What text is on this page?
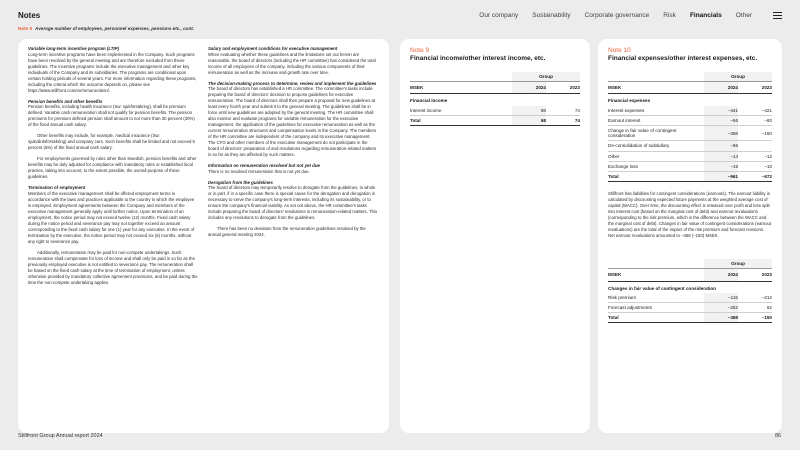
Notes	Our company Sustainability Corporate governance Risk Financials Other
Note 8 Average number of employees, personnel expenses, pensions etc., cont.
Variable long-term incentive program (LTIP)

Long-term incentive programs have been implemented in the Company. Such programs have been resolved by the general meeting and are therefore excluded from these guidelines. The incentive programs include the executive management and other key individuals of the Company and its subsidiaries. The programs are conditional upon certain holding periods of several years. For more information regarding these programs, including the criteria which the outcome depends on, please see https://www.stillfront.com/en/remuneration/.

Pension benefits and other benefits

Pension benefits, including health insurance (Sw: sjukförsäkring), shall be premium defined. Variable cash remuneration shall not qualify for pension benefits. The pension premiums for premium defined pension shall amount to not more than 30 percent (30%) of the fixed annual cash salary.

Other benefits may include, for example, medical insurance (Sw: sjukvårdsförsäkring) and company cars. Such benefits shall be limited and not exceed 5 percent (5%) of the fixed annual cash salary.

For employments governed by rules other than Swedish, pension benefits and other benefits may be duly adjusted for compliance with mandatory rules or established local practice, taking into account, to the extent possible, the overall purpose of these guidelines.

Termination of employment

Members of the executive management shall be offered employment terms in accordance with the laws and practices applicable to the country in which the employee is employed. Employment agreements between the Company and members of the executive management generally apply until further notice. Upon termination of an employment, the notice period may not exceed twelve (12) months. Fixed cash salary during the notice period and severance pay may not together exceed an amount corresponding to the fixed cash salary for one (1) year for any executive. In the event of termination by the executive, the notice period may not exceed six (6) months, without any right to severance pay.

Additionally, remuneration may be paid for non-compete undertakings. Such remuneration shall compensate for loss of income and shall only be paid in so far as the previously employed executive is not entitled to severance pay. The remuneration shall be based on the fixed cash salary at the time of termination of employment, unless otherwise provided by mandatory collective agreement provisions, and be paid during the time the non-compete undertaking applies.

Salary and employment conditions for executive management

When evaluating whether these guidelines and the limitations set out herein are reasonable, the board of directors (including the HR committee) has considered the total income of all employees of the company, including the various components of their remuneration as well as the increase and growth rate over time.

The decision-making process to determine, review and implement the guidelines

The board of directors has established a HR committee. The committee's tasks include preparing the board of directors' decision to propose guidelines for executive remuneration. The board of directors shall then prepare a proposal for new guidelines at least every fourth year and submit it to the general meeting. The guidelines shall be in force until new guidelines are adopted by the general meeting. The HR committee shall also monitor and evaluate programs for variable remuneration for the executive management, the application of the guidelines for executive remuneration as well as the current remuneration structures and compensation levels in the Company. The members of the HR committee are independent of the company and its executive management. The CFO and other members of the executive management do not participate in the board of directors' preparation of and resolutions regarding remuneration-related matters in so far as they are affected by such matters.

Information on remuneration resolved but not yet due

There is no resolved remuneration that is not yet due.

Derogation from the guidelines

The board of directors may temporarily resolve to derogate from the guidelines, in whole or in part, if in a specific case there is special cause for the derogation and derogation is necessary to serve the company's long-term interests, including its sustainability, or to ensure the company's financial viability. As set out above, the HR committee's tasks include preparing the board of directors' resolutions in remuneration-related matters. This includes any resolutions to derogate from the guidelines.

There has been no deviation from the remuneration guidelines resolved by the annual general meeting 2024.

Note 9
Financial income/other interest income, etc.
	Group	
MSEK	2024	2023
Financial income		
Interest income	68	74
Total	68	74
Note 10
Financial expenses/other interest expenses, etc.
	Group	
MSEK	2024	2023
Financial expenses		
Interest expenses	–441	–421
Earnout interest	–56	–80
Change in fair value of contingent consideration	–368	–150
De-consolidation of subsidiary	–66	
Other	–14	–12
Exchange loss	–15	–10
Total	–961	–672

Stillfront has liabilities for contingent considerations (earnouts). The earnout liability is calculated by discounting expected future payments at the weighted average cost of capital (WACC). Over time, the discounting effect is released over profit and loss split into interest cost (based on the marginal cost of debt) and earnout revaluations (corresponding to the risk premium, which is the difference between the WACC and the marginal cost of debt). Changes in fair value of contingent considerations (earnout revaluations) are the total of the impact of the risk premium and forecast revisions. Net earnout revaluations amounted to –368 (–150) MSEK.

	Group	
MSEK	2024	2023
Changes in fair value of contingent consideration		
Risk premium	–115	–212
Forecast adjustments	–252	62
Total	–368	–150
Stillfront Group Annual report 2024	86
